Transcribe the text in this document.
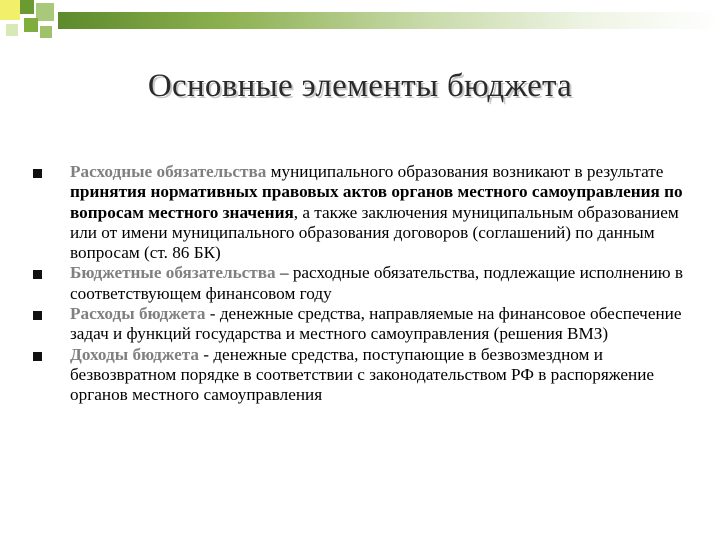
Основные элементы бюджета
Расходные обязательства муниципального образования возникают в результате принятия нормативных правовых актов органов местного самоуправления по вопросам местного значения, а также заключения муниципальным образованием или от имени муниципального образования договоров (соглашений) по данным вопросам (ст. 86 БК)
Бюджетные обязательства – расходные обязательства, подлежащие исполнению в соответствующем финансовом году
Расходы бюджета - денежные средства, направляемые на финансовое обеспечение задач и функций государства и местного самоуправления (решения ВМЗ)
Доходы бюджета - денежные средства, поступающие в безвозмездном и безвозвратном порядке в соответствии с законодательством РФ в распоряжение органов местного самоуправления
